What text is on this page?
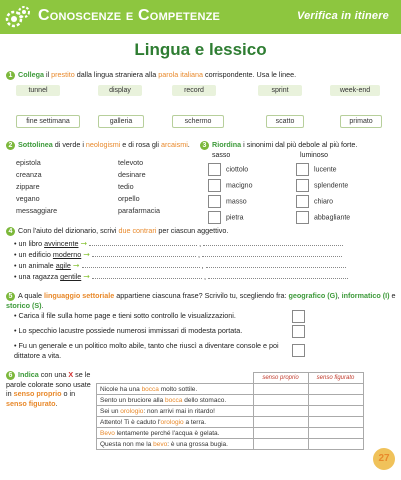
Conoscenze e Competenze	Verifica in itinere
Lingua e lessico
1 Collega il prestito dalla lingua straniera alla parola italiana corrispondente. Usa le linee.
tunnel	display	record	sprint	week-end
fine settimana	galleria	schermo	scatto	primato
2 Sottolinea di verde i neologismi e di rosa gli arcaismi.
epistola
creanza
zippare
vegano
messaggiare
televoto
desinare
tedio
orpello
parafarmacia
3 Riordina i sinonimi dal più debole al più forte.
sasso	luminoso
ciottolo
macigno
masso
pietra
lucente
splendente
chiaro
abbagliante
4 Con l'aiuto del dizionario, scrivi due contrari per ciascun aggettivo.
• un libro avvincente ➞	,
• un edificio moderno ➞	,
• un animale agile ➞	,
• una ragazza gentile ➞	,
5 A quale linguaggio settoriale appartiene ciascuna frase? Scrivilo tu, scegliendo fra: geografico (G), informatico (I) e storico (S).
• Carica il file sulla home page e tieni sotto controllo le visualizzazioni.
• Lo specchio lacustre possiede numerosi immissari di modesta portata.
• Fu un generale e un politico molto abile, tanto che riuscì a diventare console e poi dittatore a vita.
6 Indica con una X se le parole colorate sono usate in senso proprio o in senso figurato.
	senso proprio	senso figurato
Nicole ha una bocca molto sottile.		
Sento un bruciore alla bocca dello stomaco.		
Sei un orologio: non arrivi mai in ritardo!		
Attento! Ti è caduto l'orologio a terra.		
Bevo lentamente perché l'acqua è gelata.		
Questa non me la bevo: è una grossa bugia.		
27
